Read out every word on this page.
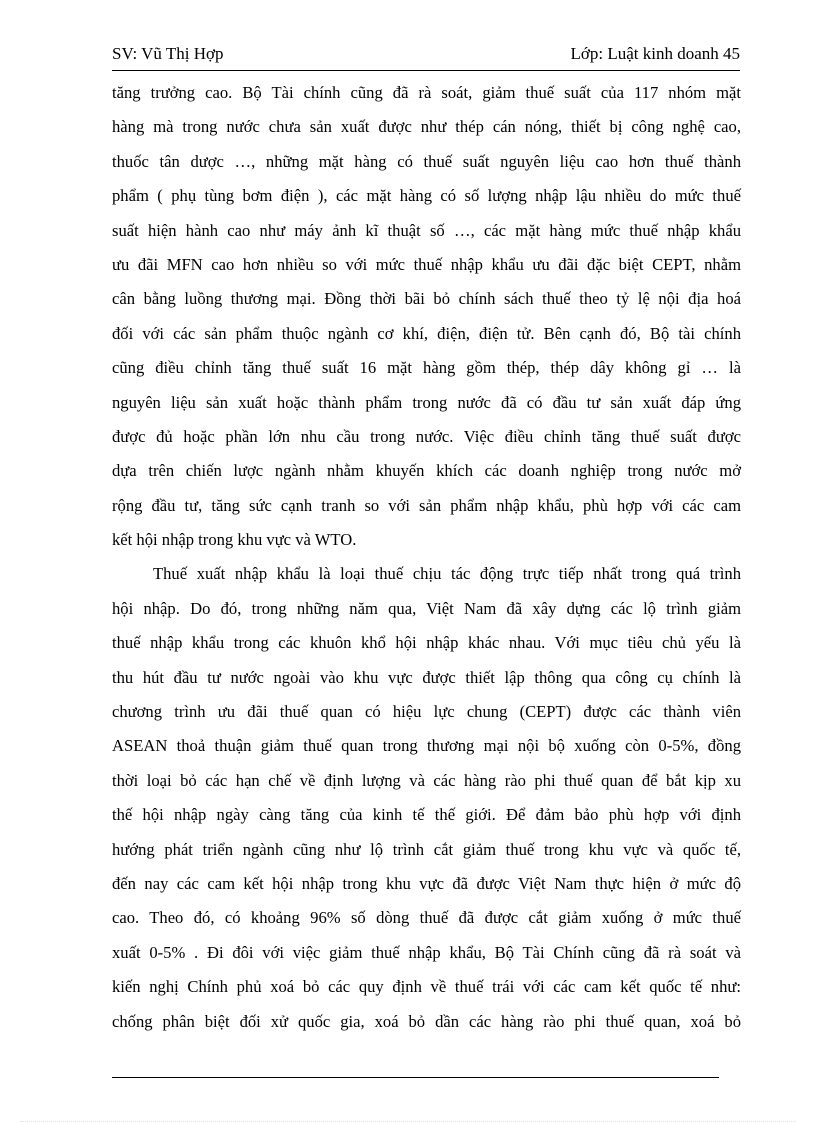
SV: Vũ Thị Hợp	Lớp: Luật kinh doanh 45
tăng trưởng cao. Bộ Tài chính cũng đã rà soát, giảm thuế suất của 117 nhóm mặt
hàng mà trong nước chưa sản xuất được như thép cán nóng, thiết bị công nghệ cao,
thuốc tân dược …, những mặt hàng có thuế suất nguyên liệu cao hơn thuế thành
phẩm ( phụ tùng bơm điện ), các mặt hàng có số lượng nhập lậu nhiều do mức thuế
suất hiện hành cao như máy ảnh kĩ thuật số …, các mặt hàng mức thuế nhập khẩu
ưu đãi MFN cao hơn nhiều so với mức thuế nhập khẩu ưu đãi đặc biệt CEPT, nhằm
cân bằng luồng thương mại. Đồng thời bãi bỏ chính sách thuế theo tỷ lệ nội địa hoá
đối với các sản phẩm thuộc ngành cơ khí, điện, điện tử. Bên cạnh đó, Bộ tài chính
cũng điều chỉnh tăng thuế suất 16 mặt hàng gồm thép, thép dây không gỉ … là
nguyên liệu sản xuất hoặc thành phẩm trong nước đã có đầu tư sản xuất đáp ứng
được đủ hoặc phần lớn nhu cầu trong nước. Việc điều chỉnh tăng thuế suất được
dựa trên chiến lược ngành nhằm khuyến khích các doanh nghiệp trong nước mở
rộng đầu tư, tăng sức cạnh tranh so với sản phẩm nhập khẩu, phù hợp với các cam
kết hội nhập trong khu vực và WTO.
Thuế xuất nhập khẩu là loại thuế chịu tác động trực tiếp nhất trong quá trình
hội nhập. Do đó, trong những năm qua, Việt Nam đã xây dựng các lộ trình giảm
thuế nhập khẩu trong các khuôn khổ hội nhập khác nhau. Với mục tiêu chủ yếu là
thu hút đầu tư nước ngoài vào khu vực được thiết lập thông qua công cụ chính là
chương trình ưu đãi thuế quan có hiệu lực chung (CEPT) được các thành viên
ASEAN thoả thuận giảm thuế quan trong thương mại nội bộ xuống còn 0-5%, đồng
thời loại bỏ các hạn chế về định lượng và các hàng rào phi thuế quan để bắt kịp xu
thế hội nhập ngày càng tăng của kinh tế thế giới. Để đảm bảo phù hợp với định
hướng phát triển ngành cũng như lộ trình cắt giảm thuế trong khu vực và quốc tế,
đến nay các cam kết hội nhập trong khu vực đã được Việt Nam thực hiện ở mức độ
cao. Theo đó, có khoảng 96% số dòng thuế đã được cắt giảm xuống ở mức thuế
xuất 0-5% . Đi đôi với việc giảm thuế nhập khẩu, Bộ Tài Chính cũng đã rà soát và
kiến nghị Chính phủ xoá bỏ các quy định về thuế trái với các cam kết quốc tế như:
chống phân biệt đối xử quốc gia, xoá bỏ dần các hàng rào phi thuế quan, xoá bỏ
